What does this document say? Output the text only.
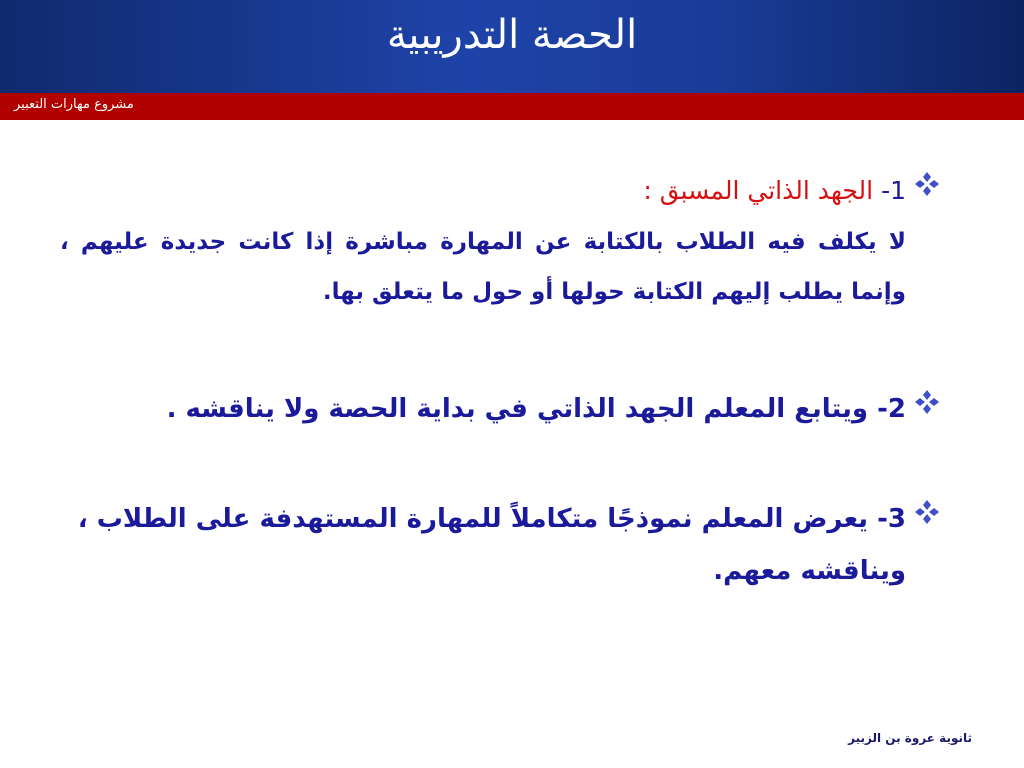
الحصة التدريبية
مشروع مهارات التعبير
1- الجهد الذاتي المسبق :
لا يكلف فيه الطلاب بالكتابة عن المهارة مباشرة إذا كانت جديدة عليهم ، وإنما يطلب إليهم الكتابة حولها أو حول ما يتعلق بها.
2- ويتابع المعلم الجهد الذاتي في بداية الحصة ولا يناقشه .
3- يعرض المعلم نموذجًا متكاملاً للمهارة المستهدفة على الطلاب ، ويناقشه معهم.
ثانوية عروة بن الزبير
